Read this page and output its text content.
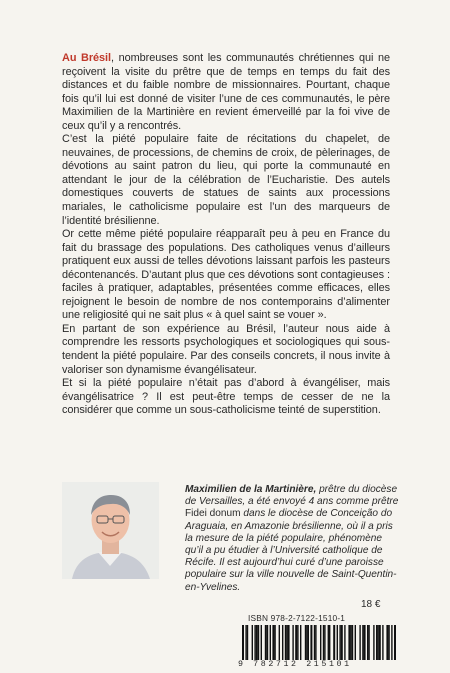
Au Brésil, nombreuses sont les communautés chrétiennes qui ne reçoivent la visite du prêtre que de temps en temps du fait des distances et du faible nombre de missionnaires. Pourtant, chaque fois qu’il lui est donné de visiter l’une de ces communautés, le père Maximilien de la Martinière en revient émerveillé par la foi vive de ceux qu’il y a rencontrés.

C’est la piété populaire faite de récitations du chapelet, de neuvaines, de processions, de chemins de croix, de pèlerinages, de dévotions au saint patron du lieu, qui porte la communauté en attendant le jour de la célébration de l’Eucharistie. Des autels domestiques couverts de statues de saints aux processions mariales, le catholicisme populaire est l’un des marqueurs de l’identité brésilienne.

Or cette même piété populaire réapparaît peu à peu en France du fait du brassage des populations. Des catholiques venus d’ailleurs pratiquent eux aussi de telles dévotions laissant parfois les pasteurs décontenancés. D’autant plus que ces dévotions sont contagieuses : faciles à pratiquer, adaptables, présentées comme efficaces, elles rejoignent le besoin de nombre de nos contemporains d’alimenter une religiosité qui ne sait plus « à quel saint se vouer ».

En partant de son expérience au Brésil, l’auteur nous aide à comprendre les ressorts psychologiques et sociologiques qui sous-tendent la piété populaire. Par des conseils concrets, il nous invite à valoriser son dynamisme évangélisateur.

Et si la piété populaire n’était pas d’abord à évangéliser, mais évangélisatrice ? Il est peut-être temps de cesser de ne la considérer que comme un sous-catholicisme teinté de superstition.

Maximilien de la Martinière, prêtre du diocèse de Versailles, a été envoyé 4 ans comme prêtre Fidei donum dans le diocèse de Conceição do Araguaia, en Amazonie brésilienne, où il a pris la mesure de la piété populaire, phénomène qu’il a pu étudier à l’Université catholique de Récife. Il est aujourd’hui curé d’une paroisse populaire sur la ville nouvelle de Saint-Quentin-en-Yvelines.
18 €
ISBN 978-2-7122-1510-1
9 782712 215101
